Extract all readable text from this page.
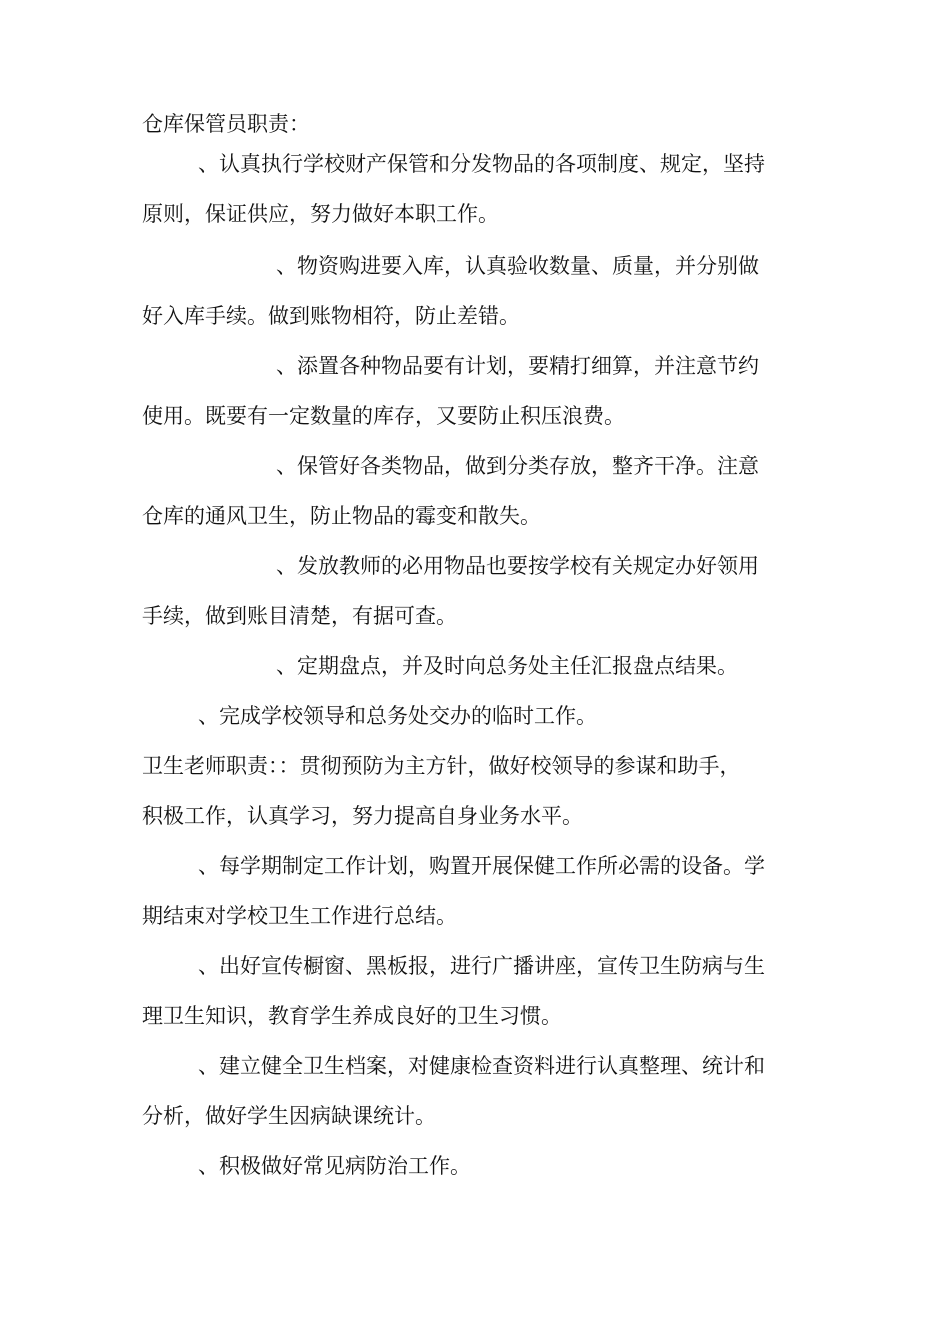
仓库保管员职责：
、认真执行学校财产保管和分发物品的各项制度、规定，坚持
原则，保证供应，努力做好本职工作。
、物资购进要入库，认真验收数量、质量，并分别做
好入库手续。做到账物相符，防止差错。
、添置各种物品要有计划，要精打细算，并注意节约
使用。既要有一定数量的库存，又要防止积压浪费。
、保管好各类物品，做到分类存放，整齐干净。注意
仓库的通风卫生，防止物品的霉变和散失。
、发放教师的必用物品也要按学校有关规定办好领用
手续，做到账目清楚，有据可查。
、定期盘点，并及时向总务处主任汇报盘点结果。
、完成学校领导和总务处交办的临时工作。
卫生老师职责：：贯彻预防为主方针，做好校领导的参谋和助手，
积极工作，认真学习，努力提高自身业务水平。
、每学期制定工作计划，购置开展保健工作所必需的设备。学
期结束对学校卫生工作进行总结。
、出好宣传橱窗、黑板报，进行广播讲座，宣传卫生防病与生
理卫生知识，教育学生养成良好的卫生习惯。
、建立健全卫生档案，对健康检查资料进行认真整理、统计和
分析，做好学生因病缺课统计。
、积极做好常见病防治工作。
